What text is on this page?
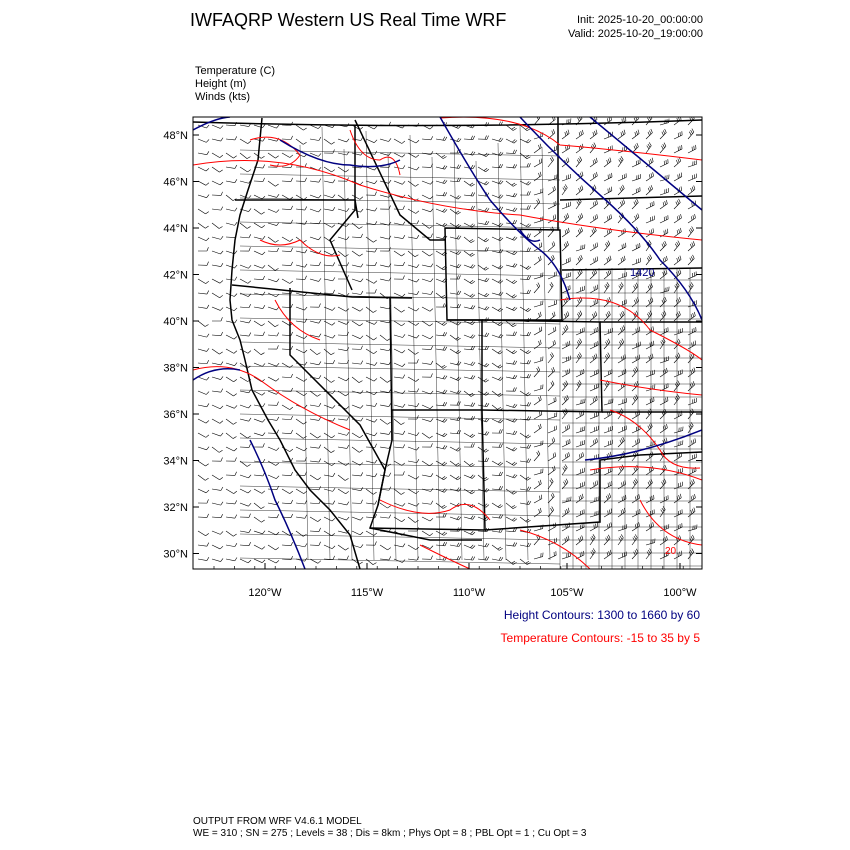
IWFAQRP Western US Real Time WRF	Init: 2025-10-20_00:00:00
Valid: 2025-10-20_19:00:00
Temperature (C)
Height (m)
Winds (kts)
1420
20
48°N
46°N
44°N
42°N
40°N
38°N
36°N
34°N
32°N
30°N
120°W	115°W	110°W	105°W	100°W
Height Contours: 1300 to 1660 by 60
Temperature Contours: -15 to 35 by 5
OUTPUT FROM WRF V4.6.1 MODEL
WE = 310 ; SN = 275 ; Levels = 38 ; Dis = 8km ; Phys Opt = 8 ; PBL Opt = 1 ; Cu Opt = 3
